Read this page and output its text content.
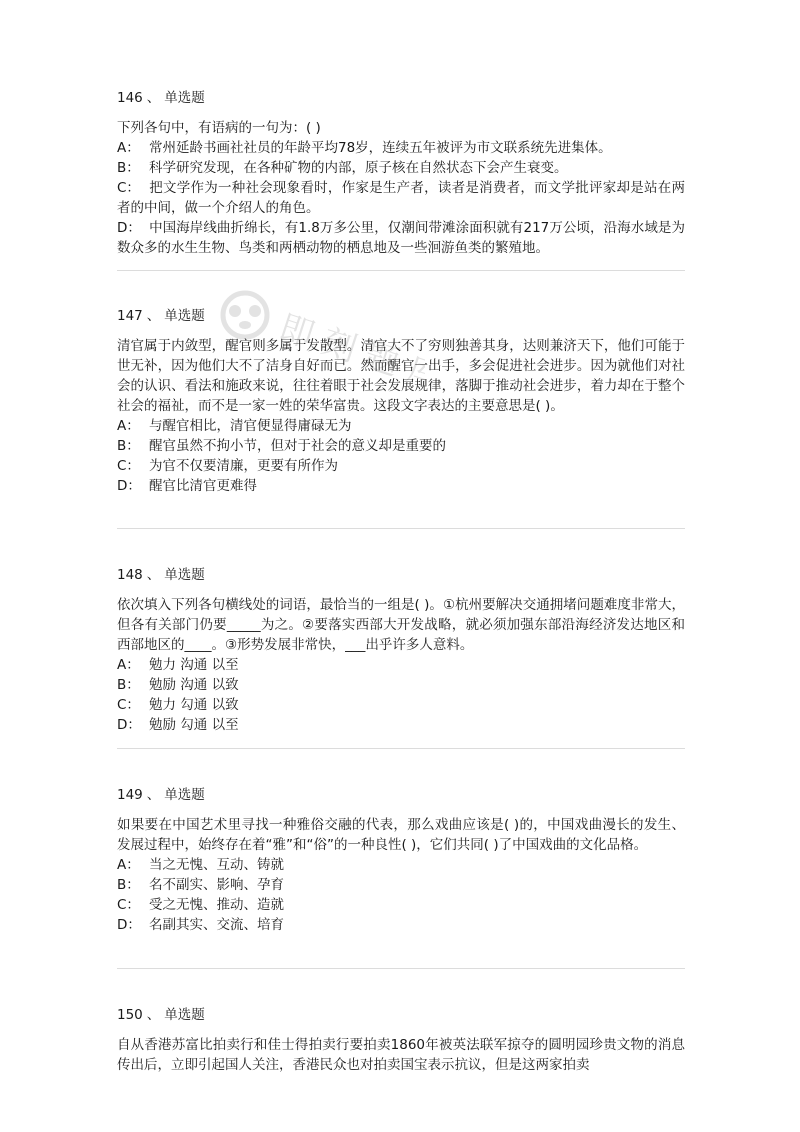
即 刻 题 库
146 、 单选题
下列各句中，有语病的一句为：( )
A： 常州延龄书画社社员的年龄平均78岁，连续五年被评为市文联系统先进集体。
B： 科学研究发现，在各种矿物的内部，原子核在自然状态下会产生衰变。
C： 把文学作为一种社会现象看时，作家是生产者，读者是消费者，而文学批评家却是站在两者的中间，做一个介绍人的角色。
D： 中国海岸线曲折绵长，有1.8万多公里，仅潮间带滩涂面积就有217万公顷，沿海水域是为数众多的水生生物、鸟类和两栖动物的栖息地及一些洄游鱼类的繁殖地。
147 、 单选题
清官属于内敛型，醒官则多属于发散型。清官大不了穷则独善其身，达则兼济天下，他们可能于世无补，因为他们大不了洁身自好而已。然而醒官一出手，多会促进社会进步。因为就他们对社会的认识、看法和施政来说，往往着眼于社会发展规律，落脚于推动社会进步，着力却在于整个社会的福祉，而不是一家一姓的荣华富贵。这段文字表达的主要意思是( )。
A： 与醒官相比，清官便显得庸碌无为
B： 醒官虽然不拘小节，但对于社会的意义却是重要的
C： 为官不仅要清廉，更要有所作为
D： 醒官比清官更难得
148 、 单选题
依次填入下列各句横线处的词语，最恰当的一组是( )。①杭州要解决交通拥堵问题难度非常大，但各有关部门仍要_____为之。②要落实西部大开发战略，就必须加强东部沿海经济发达地区和西部地区的____。③形势发展非常快，___出乎许多人意料。
A： 勉力 沟通 以至
B： 勉励 沟通 以致
C： 勉力 勾通 以致
D： 勉励 勾通 以至
149 、 单选题
如果要在中国艺术里寻找一种雅俗交融的代表，那么戏曲应该是( )的，中国戏曲漫长的发生、发展过程中，始终存在着“雅”和“俗”的一种良性( )，它们共同( )了中国戏曲的文化品格。
A： 当之无愧、互动、铸就
B： 名不副实、影响、孕育
C： 受之无愧、推动、造就
D： 名副其实、交流、培育
150 、 单选题
自从香港苏富比拍卖行和佳士得拍卖行要拍卖1860年被英法联军掠夺的圆明园珍贵文物的消息传出后，立即引起国人关注，香港民众也对拍卖国宝表示抗议，但是这两家拍卖
